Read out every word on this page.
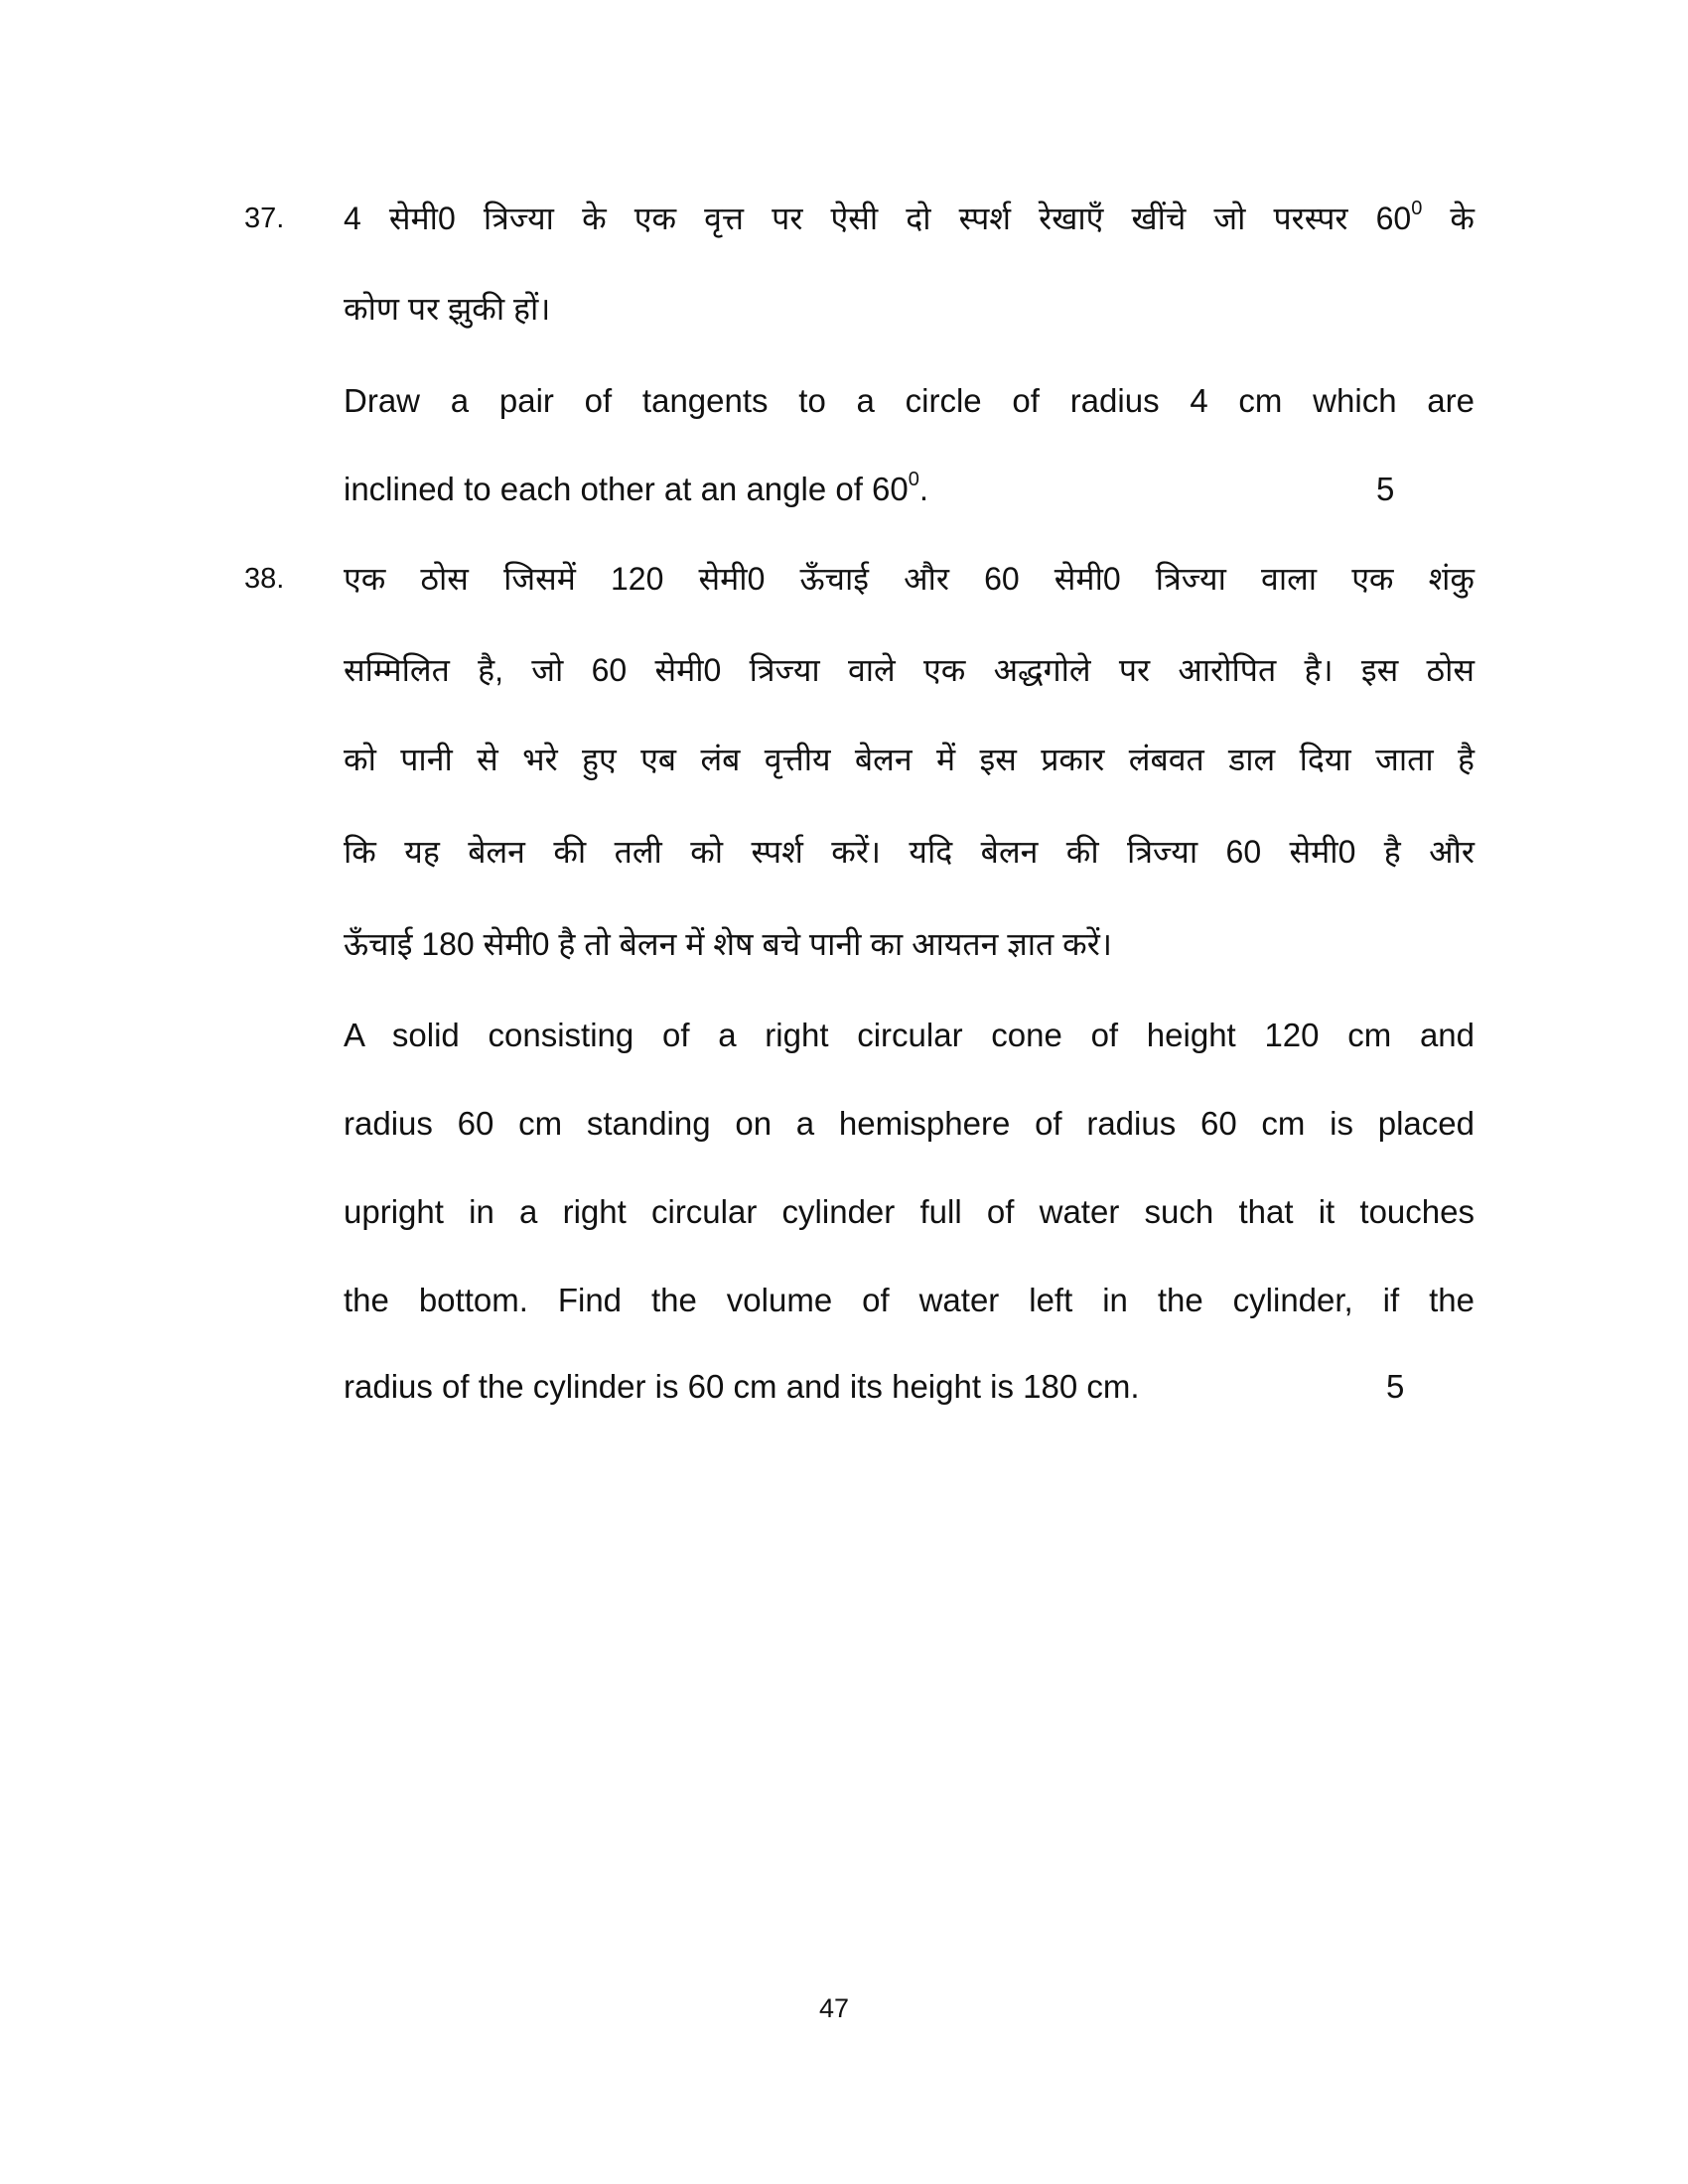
37. 4 सेमी0 त्रिज्या के एक वृत्त पर ऐसी दो स्पर्श रेखाएँ खींचे जो परस्पर $60^0$ के
कोण पर झुकी हों।
Draw a pair of tangents to a circle of radius 4 cm which are
inclined to each other at an angle of $60^0$.	5
38. एक ठोस जिसमें 120 सेमी0 ऊँचाई और 60 सेमी0 त्रिज्या वाला एक शंकु
सम्मिलित है, जो 60 सेमी0 त्रिज्या वाले एक अद्धगोले पर आरोपित है। इस ठोस
को पानी से भरे हुए एब लंब वृत्तीय बेलन में इस प्रकार लंबवत डाल दिया जाता है
कि यह बेलन की तली को स्पर्श करें। यदि बेलन की त्रिज्या 60 सेमी0 है और
ऊँचाई 180 सेमी0 है तो बेलन में शेष बचे पानी का आयतन ज्ञात करें।
A solid consisting of a right circular cone of height 120 cm and
radius 60 cm standing on a hemisphere of radius 60 cm is placed
upright in a right circular cylinder full of water such that it touches
the bottom. Find the volume of water left in the cylinder, if the
radius of the cylinder is 60 cm and its height is 180 cm.	5
47
